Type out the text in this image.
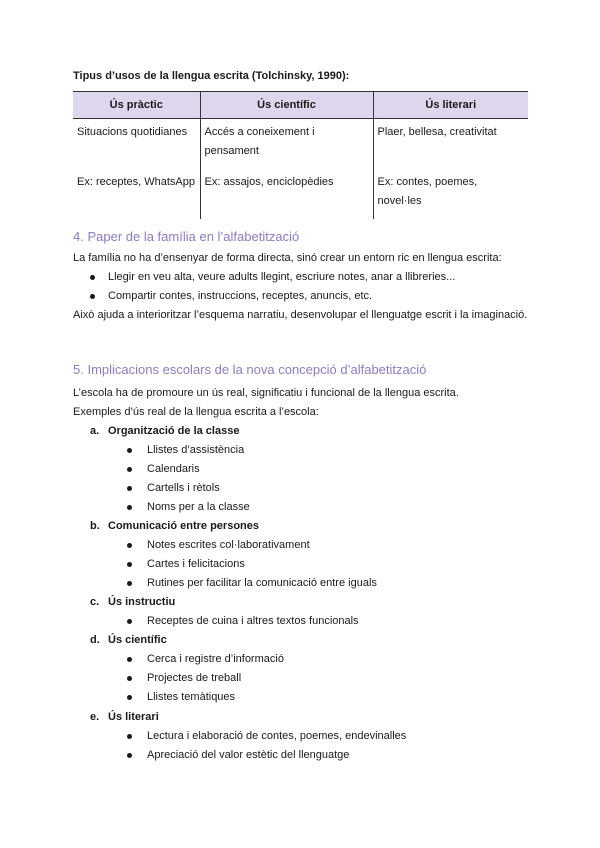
Tipus d’usos de la llengua escrita (Tolchinsky, 1990):
Ús pràctic	Ús científic	Ús literari
Situacions quotidianes	Accés a coneixement i pensament	Plaer, bellesa, creativitat
Ex: receptes, WhatsApp	Ex: assajos, enciclopèdies	Ex: contes, poemes, novel·les
4. Paper de la família en l’alfabetització

La família no ha d’ensenyar de forma directa, sinó crear un entorn ric en llengua escrita:

Llegir en veu alta, veure adults llegint, escriure notes, anar a llibreries...
Compartir contes, instruccions, receptes, anuncis, etc.

Això ajuda a interioritzar l’esquema narratiu, desenvolupar el llenguatge escrit i la imaginació.

5. Implicacions escolars de la nova concepció d’alfabetització

L’escola ha de promoure un ús real, significatiu i funcional de la llengua escrita.

Exemples d’ús real de la llengua escrita a l’escola:

a. Organització de la classe
Llistes d’assistència
Calendaris
Cartells i rètols
Noms per a la classe
b. Comunicació entre persones
Notes escrites col·laborativament
Cartes i felicitacions
Rutines per facilitar la comunicació entre iguals
c. Ús instructiu
Receptes de cuina i altres textos funcionals
d. Ús científic
Cerca i registre d’informació
Projectes de treball
Llistes temàtiques
e. Ús literari
Lectura i elaboració de contes, poemes, endevinalles
Apreciació del valor estètic del llenguatge
